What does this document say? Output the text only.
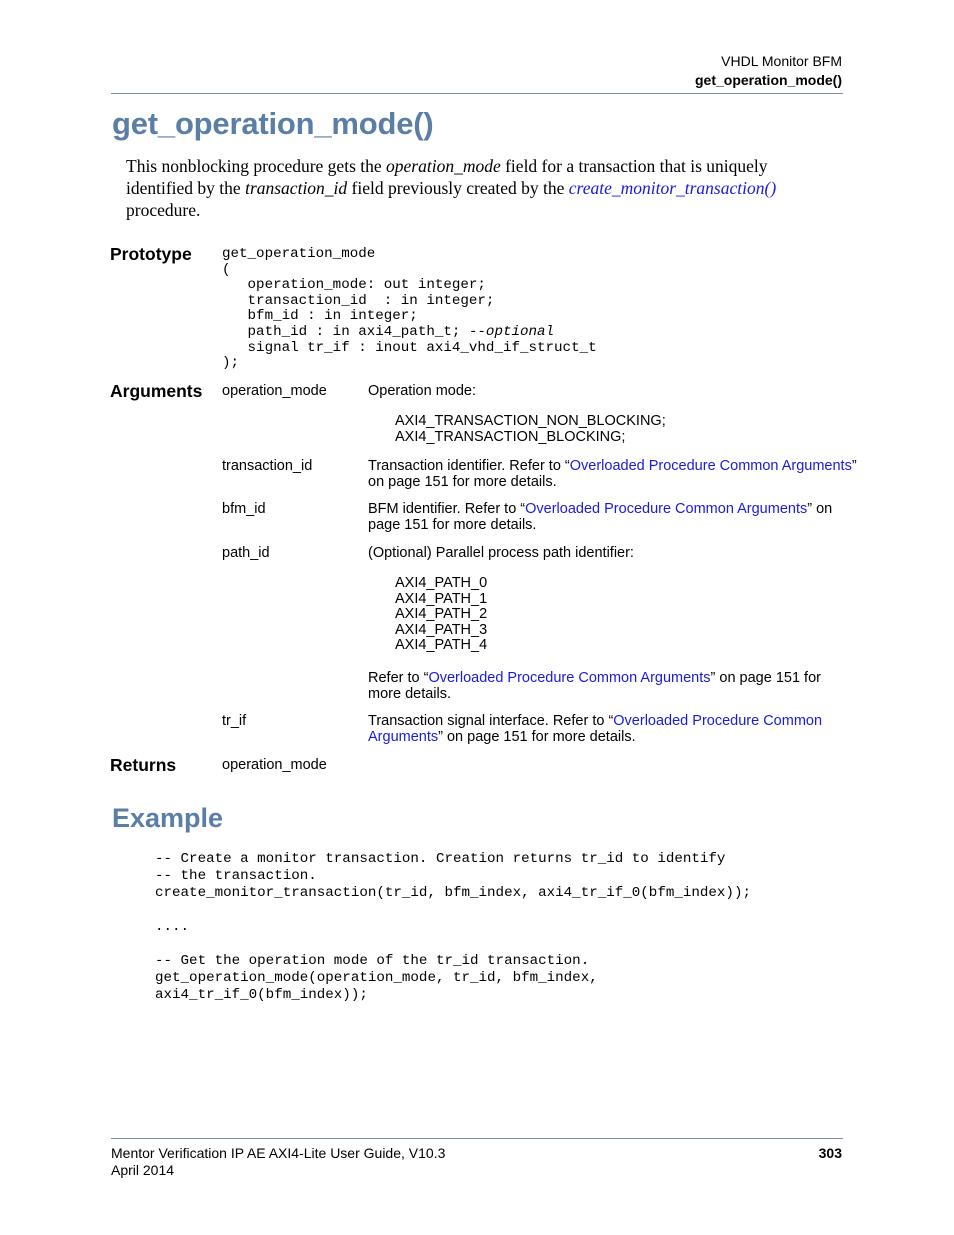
VHDL Monitor BFM
get_operation_mode()
get_operation_mode()
This nonblocking procedure gets the operation_mode field for a transaction that is uniquely identified by the transaction_id field previously created by the create_monitor_transaction() procedure.
Prototype get_operation_mode
(
operation_mode: out integer;
transaction_id  : in integer;
bfm_id : in integer;
path_id : in axi4_path_t; --optional
signal tr_if : inout axi4_vhd_if_struct_t
);
Arguments operation_mode	Operation mode:
AXI4_TRANSACTION_NON_BLOCKING;
AXI4_TRANSACTION_BLOCKING;
transaction_id	Transaction identifier. Refer to “Overloaded Procedure Common Arguments” on page 151 for more details.
bfm_id	BFM identifier. Refer to “Overloaded Procedure Common Arguments” on page 151 for more details.
path_id	(Optional) Parallel process path identifier:
AXI4_PATH_0
AXI4_PATH_1
AXI4_PATH_2
AXI4_PATH_3
AXI4_PATH_4
Refer to “Overloaded Procedure Common Arguments” on page 151 for more details.
tr_if	Transaction signal interface. Refer to “Overloaded Procedure Common Arguments” on page 151 for more details.
Returns	operation_mode
Example
-- Create a monitor transaction. Creation returns tr_id to identify
-- the transaction.
create_monitor_transaction(tr_id, bfm_index, axi4_tr_if_0(bfm_index));

....

-- Get the operation mode of the tr_id transaction.
get_operation_mode(operation_mode, tr_id, bfm_index,
axi4_tr_if_0(bfm_index));
Mentor Verification IP AE AXI4-Lite User Guide, V10.3
April 2014
303
